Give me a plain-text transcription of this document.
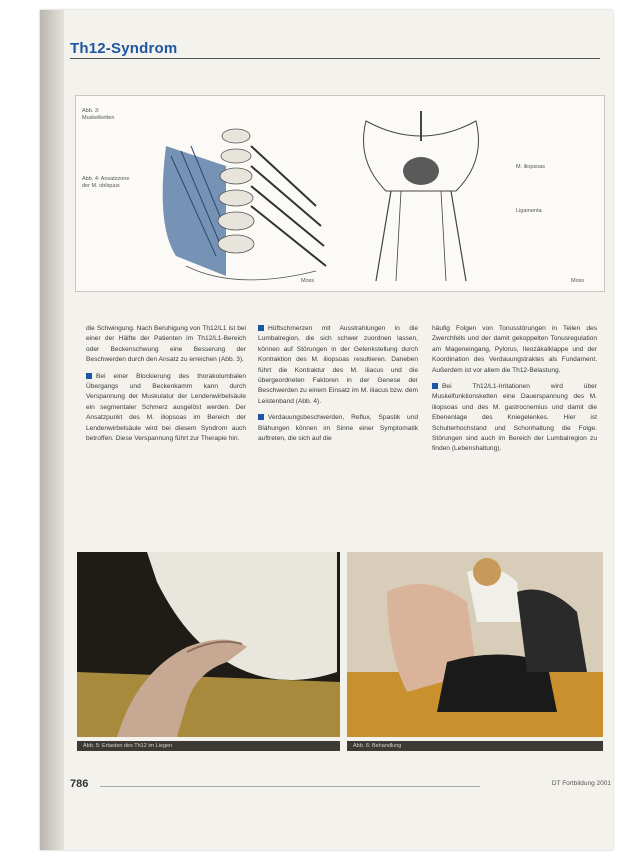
Th12-Syndrom
Abb. 3: Muskelketten
Abb. 4: Ansatzzone der M. obliquus
M. iliopsoas
Ligamenta
Moss	Moss

die Schwingung. Nach Beruhigung von Th12/L1 ist bei einer der Hälfte der Patienten im Th12/L1-Bereich oder Beckenschwung eine Besserung der Beschwerden durch den Ansatz zu erreichen (Abb. 3).

Bei einer Blockierung des thorakolumbalen Übergangs und Beckenkamm kann durch Verspannung der Muskulatur der Lendenwirbelsäule ein segmentaler Schmerz ausgelöst werden. Der Ansatzpunkt des M. iliopsoas im Bereich der Lendenwirbelsäule wird bei diesem Syndrom auch betroffen. Diese Verspannung führt zur Therapie hin.

Hüftschmerzen mit Ausstrahlungen in die Lumbalregion, die sich schwer zuordnen lassen, können auf Störungen in der Gelenkstellung durch Kontraktion des M. iliopsoas resultieren. Daneben führt die Kontraktur des M. iliacus und die übergeordneten Faktoren in der Genese der Beschwerden zu einem Einsatz im M. iliacus bzw. dem Leistenband (Abb. 4).

Verdauungsbeschwerden, Reflux, Spastik und Blähungen können im Sinne einer Symptomatik auftreten, die sich auf die

häufig Folgen von Tonusstörungen in Teilen des Zwerchfells und der damit gekoppelten Tonusregulation am Mageneingang, Pylorus, Ileozäkalklappe und der Koordination des Verdauungstraktes als Fundament. Außerdem ist vor allem die Th12-Belastung.

Bei Th12/L1-Irritationen wird über Muskelfunktionsketten eine Dauerspannung des M. iliopsoas und des M. gastrocnemius und damit die Ebenenlage des Kniegelenkes. Hier ist Schulterhochstand und Schonhaltung die Folge. Störungen sind auch im Bereich der Lumbalregion zu finden (Lebenshaltung).

Abb. 5: Ertasten des Th12 im Liegen	Abb. 6: Behandlung
786	DT Fortbildung 2001
